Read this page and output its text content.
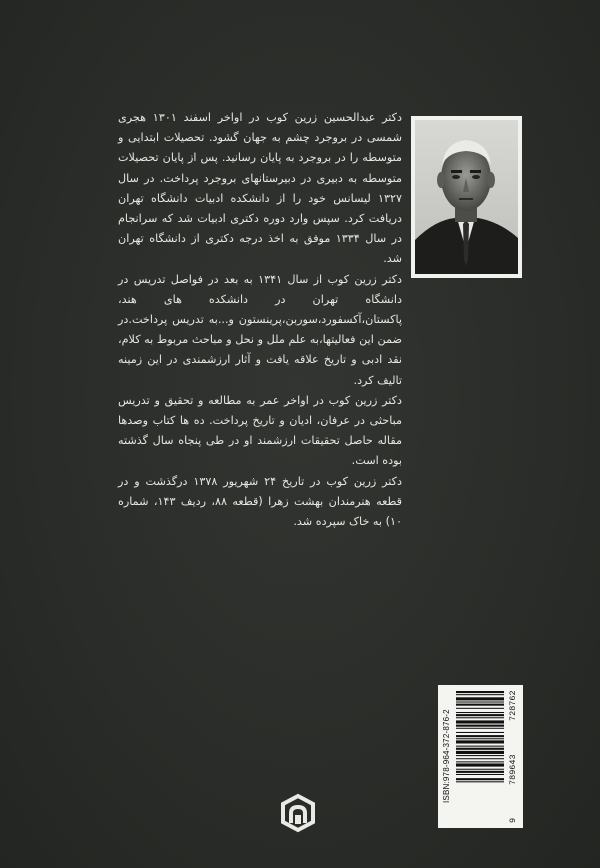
دکتر عبدالحسین زرین کوب در اواخر اسفند ۱۳۰۱ هجری شمسی در بروجرد چشم به جهان گشود. تحصیلات ابتدایی و متوسطه را در بروجرد به پایان رسانید. پس از پایان تحصیلات متوسطه به دبیری در دبیرستانهای بروجرد پرداخت. در سال ۱۳۲۷ لیسانس خود را از دانشکده ادبیات دانشگاه تهران دریافت کرد. سپس وارد دوره دکتری ادبیات شد که سرانجام در سال ۱۳۳۴ موفق به اخذ درجه دکتری از دانشگاه تهران شد.

دکتر زرین کوب از سال ۱۳۴۱ به بعد در فواصل تدریس در دانشگاه تهران در دانشکده های هند، پاکستان،آکسفورد،سوربن،پرینستون و...به تدریس پرداخت.در ضمن این فعالیتها،به علم ملل و نحل و مباحث مربوط به کلام، نقد ادبی و تاریخ علاقه یافت و آثار ارزشمندی در این زمینه تالیف کرد.

دکتر زرین کوب در اواخر عمر به مطالعه و تحقیق و تدریس مباحثی در عرفان، ادیان و تاریخ پرداخت. ده ها کتاب وصدها مقاله حاصل تحقیقات ارزشمند او در طی پنجاه سال گذشته بوده است.

دکتر زرین کوب در تاریخ ۲۴ شهریور ۱۳۷۸ درگذشت و در قطعه هنرمندان بهشت زهرا (قطعه ۸۸، ردیف ۱۴۳، شماره ۱۰) به خاک سپرده شد.

ISBN:978-964-372-876-2
9
789643
728762
